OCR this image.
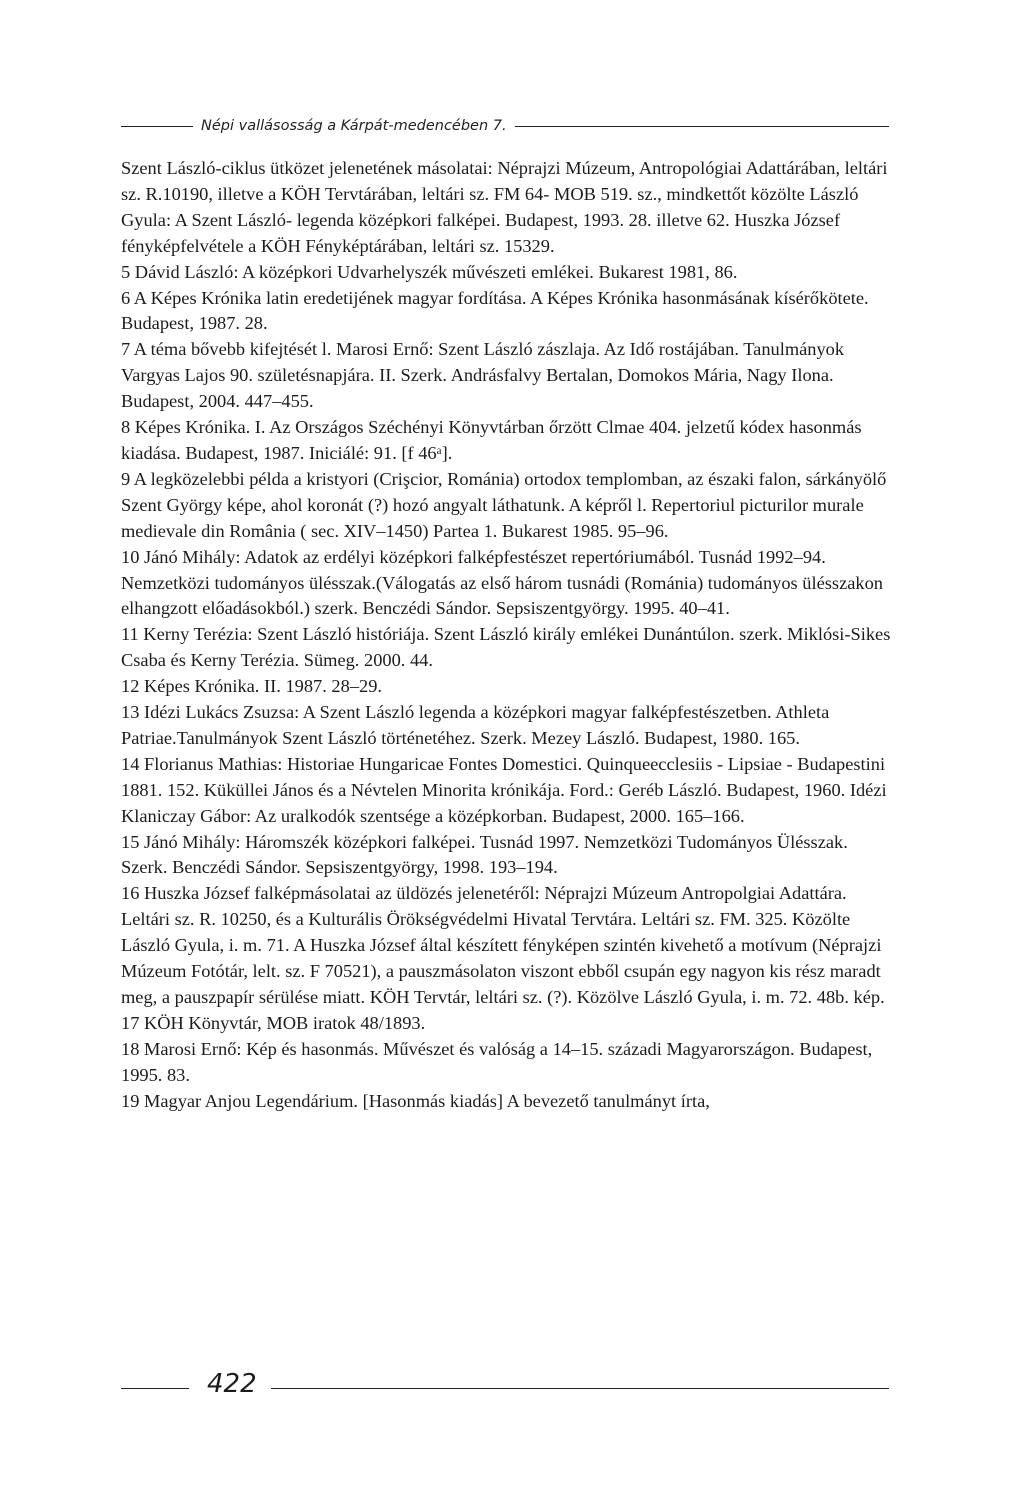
Népi vallásosság a Kárpát-medencében 7.

Szent László-ciklus ütközet jelenetének másolatai: Néprajzi Múzeum, Antropológiai Adattárában, leltári sz. R.10190, illetve a KÖH Tervtárában, leltári sz. FM 64- MOB 519. sz., mindkettőt közölte László Gyula: A Szent László- legenda középkori falképei. Budapest, 1993. 28. illetve 62. Huszka József fényképfelvétele a KÖH Fényképtárában, leltári sz. 15329.

5 Dávid László: A középkori Udvarhelyszék művészeti emlékei. Bukarest 1981, 86.

6 A Képes Krónika latin eredetijének magyar fordítása. A Képes Krónika hasonmásának kísérőkötete. Budapest, 1987. 28.

7 A téma bővebb kifejtését l. Marosi Ernő: Szent László zászlaja. Az Idő rostájában. Tanulmányok Vargyas Lajos 90. születésnapjára. II. Szerk. Andrásfalvy Bertalan, Domokos Mária, Nagy Ilona. Budapest, 2004. 447–455.

8 Képes Krónika. I. Az Országos Széchényi Könyvtárban őrzött Clmae 404. jelzetű kódex hasonmás kiadása. Budapest, 1987. Iniciálé: 91. [f 46ᵃ].

9 A legközelebbi példa a kristyori (Crişcior, Románia) ortodox templomban, az északi falon, sárkányölő Szent György képe, ahol koronát (?) hozó angyalt láthatunk. A képről l. Repertoriul picturilor murale medievale din România ( sec. XIV–1450) Partea 1. Bukarest 1985. 95–96.

10 Jánó Mihály: Adatok az erdélyi középkori falképfestészet repertóriumából. Tusnád 1992–94. Nemzetközi tudományos ülésszak.(Válogatás az első három tusnádi (Románia) tudományos ülésszakon elhangzott előadásokból.) szerk. Benczédi Sándor. Sepsiszentgyörgy. 1995. 40–41.

11 Kerny Terézia: Szent László históriája. Szent László király emlékei Dunántúlon. szerk. Miklósi-Sikes Csaba és Kerny Terézia. Sümeg. 2000. 44.

12 Képes Krónika. II. 1987. 28–29.

13 Idézi Lukács Zsuzsa: A Szent László legenda a középkori magyar falképfestészetben. Athleta Patriae.Tanulmányok Szent László történetéhez. Szerk. Mezey László. Budapest, 1980. 165.

14 Florianus Mathias: Historiae Hungaricae Fontes Domestici. Quinqueecclesiis - Lipsiae - Budapestini 1881. 152. Küküllei János és a Névtelen Minorita krónikája. Ford.: Geréb László. Budapest, 1960. Idézi Klaniczay Gábor: Az uralkodók szentsége a középkorban. Budapest, 2000. 165–166.

15 Jánó Mihály: Háromszék középkori falképei. Tusnád 1997. Nemzetközi Tudományos Ülésszak. Szerk. Benczédi Sándor. Sepsiszentgyörgy, 1998. 193–194.

16 Huszka József falképmásolatai az üldözés jelenetéről: Néprajzi Múzeum Antropolgiai Adattára. Leltári sz. R. 10250, és a Kulturális Örökségvédelmi Hivatal Tervtára. Leltári sz. FM. 325. Közölte László Gyula, i. m. 71. A Huszka József által készített fényképen szintén kivehető a motívum (Néprajzi Múzeum Fotótár, lelt. sz. F 70521), a pauszmásolaton viszont ebből csupán egy nagyon kis rész maradt meg, a pauszpapír sérülése miatt. KÖH Tervtár, leltári sz. (?). Közölve László Gyula, i. m. 72. 48b. kép.

17 KÖH Könyvtár, MOB iratok 48/1893.

18 Marosi Ernő: Kép és hasonmás. Művészet és valóság a 14–15. századi Magyarországon. Budapest, 1995. 83.

19 Magyar Anjou Legendárium. [Hasonmás kiadás] A bevezető tanulmányt írta,

422
